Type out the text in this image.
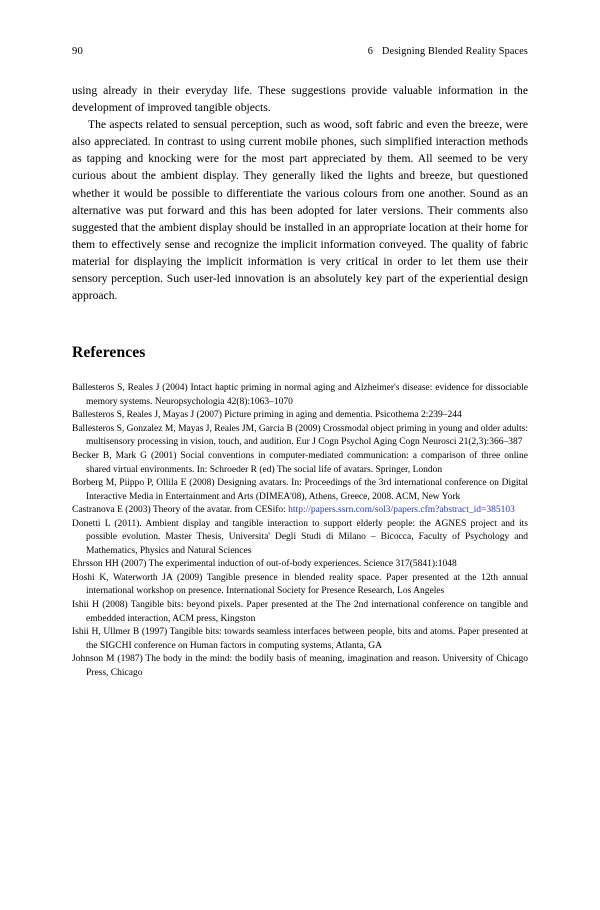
90	6 Designing Blended Reality Spaces

using already in their everyday life. These suggestions provide valuable information in the development of improved tangible objects.

The aspects related to sensual perception, such as wood, soft fabric and even the breeze, were also appreciated. In contrast to using current mobile phones, such simplified interaction methods as tapping and knocking were for the most part appreciated by them. All seemed to be very curious about the ambient display. They generally liked the lights and breeze, but questioned whether it would be possible to differentiate the various colours from one another. Sound as an alternative was put forward and this has been adopted for later versions. Their comments also suggested that the ambient display should be installed in an appropriate location at their home for them to effectively sense and recognize the implicit information conveyed. The quality of fabric material for displaying the implicit information is very critical in order to let them use their sensory perception. Such user-led innovation is an absolutely key part of the experiential design approach.

References
Ballesteros S, Reales J (2004) Intact haptic priming in normal aging and Alzheimer's disease: evidence for dissociable memory systems. Neuropsychologia 42(8):1063–1070
Ballesteros S, Reales J, Mayas J (2007) Picture priming in aging and dementia. Psicothema 2:239–244
Ballesteros S, Gonzalez M, Mayas J, Reales JM, Garcia B (2009) Crossmodal object priming in young and older adults: multisensory processing in vision, touch, and audition. Eur J Cogn Psychol Aging Cogn Neurosci 21(2,3):366–387
Becker B, Mark G (2001) Social conventions in computer-mediated communication: a comparison of three online shared virtual environments. In: Schroeder R (ed) The social life of avatars. Springer, London
Borberg M, Piippo P, Ollila E (2008) Designing avatars. In: Proceedings of the 3rd international conference on Digital Interactive Media in Entertainment and Arts (DIMEA'08), Athens, Greece, 2008. ACM, New York
Castranova E (2003) Theory of the avatar. from CESifo: http://papers.ssrn.com/sol3/papers.cfm?abstract_id=385103
Donetti L (2011). Ambient display and tangible interaction to support elderly people: the AGNES project and its possible evolution. Master Thesis, Universita' Degli Studi di Milano – Bicocca, Faculty of Psychology and Mathematics, Physics and Natural Sciences
Ehrsson HH (2007) The experimental induction of out-of-body experiences. Science 317(5841):1048
Hoshi K, Waterworth JA (2009) Tangible presence in blended reality space. Paper presented at the 12th annual international workshop on presence. International Society for Presence Research, Los Angeles
Ishii H (2008) Tangible bits: beyond pixels. Paper presented at the The 2nd international conference on tangible and embedded interaction, ACM press, Kingston
Ishii H, Ullmer B (1997) Tangible bits: towards seamless interfaces between people, bits and atoms. Paper presented at the SIGCHI conference on Human factors in computing systems, Atlanta, GA
Johnson M (1987) The body in the mind: the bodily basis of meaning, imagination and reason. University of Chicago Press, Chicago
